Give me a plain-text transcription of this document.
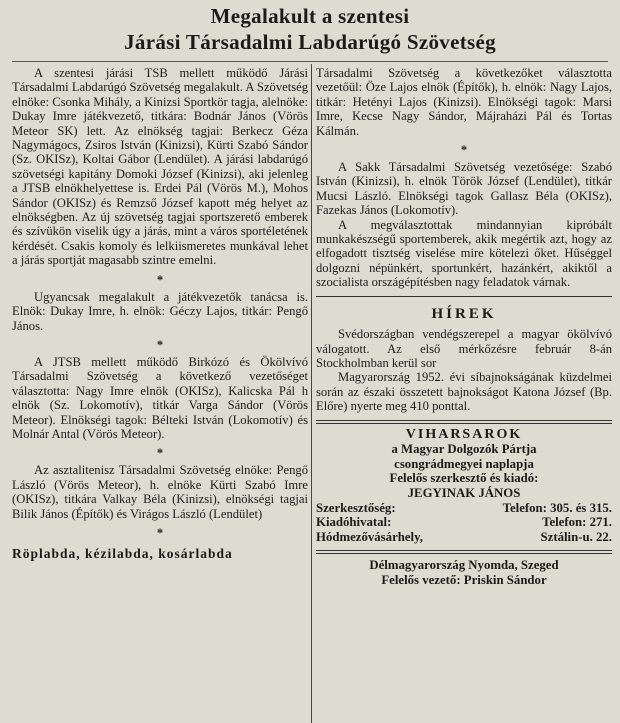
Megalakult a szentesi
Járási Társadalmi Labdarúgó Szövetség

A szentesi járási TSB mellett működő Járási Társadalmi Labdarúgó Szövetség megalakult. A Szövetség elnöke: Csonka Mihály, a Kinizsi Sportkör tagja, alelnöke: Dukay Imre játékvezető, titkára: Bodnár János (Vörös Meteor SK) lett. Az elnökség tagjai: Berkecz Géza Nagymágocs, Zsiros István (Kinizsi), Kürti Szabó Sándor (Sz. OKISz), Koltai Gábor (Lendület). A járási labdarúgó szövetségi kapitány Domoki József (Kinizsi), aki jelenleg a JTSB elnökhelyettese is. Erdei Pál (Vörös M.), Mohos Sándor (OKISz) és Remzső József kapott még helyet az elnökségben. Az új szövetség tagjai sportszerető emberek és szívükön viselik úgy a járás, mint a város sportéletének kérdését. Csakis komoly és lelkiismeretes munkával lehet a járás sportját magasabb szintre emelni.

*

Ugyancsak megalakult a játékvezetők tanácsa is. Elnök: Dukay Imre, h. elnök: Géczy Lajos, titkár: Pengő János.

*

A JTSB mellett működő Birkózó és Ökölvívó Társadalmi Szövetség a következő vezetőséget választotta: Nagy Imre elnök (OKISz), Kalicska Pál h elnök (Sz. Lokomotív), titkár Varga Sándor (Vörös Meteor). Elnökségi tagok: Bélteki István (Lokomotív) és Molnár Antal (Vörös Meteor).

*

Az asztalitenisz Társadalmi Szövetség elnöke: Pengő László (Vörös Meteor), h. elnöke Kürti Szabó Imre (OKISz), titkára Valkay Béla (Kinizsi), elnökségi tagjai Bilik János (Építők) és Virágos László (Lendület)

*
Röplabda, kézilabda, kosárlabda

Társadalmi Szövetség a következőket választotta vezetőül: Öze Lajos elnök (Építők), h. elnök: Nagy Lajos, titkár: Hetényi Lajos (Kinizsi). Elnökségi tagok: Marsi Imre, Kecse Nagy Sándor, Májraházi Pál és Tortas Kálmán.

*

A Sakk Társadalmi Szövetség vezetősége: Szabó István (Kinizsi), h. elnök Török József (Lendület), titkár Mucsi László. Elnökségi tagok Gallasz Béla (OKISz), Fazekas János (Lokomotív).

A megválasztottak mindannyian kipróbált munkakészségű sportemberek, akik megértik azt, hogy az elfogadott tisztség viselése mire kötelezi őket. Hűséggel dolgozni népünkért, sportunkért, hazánkért, akiktől a szocialista országépítésben nagy feladatok várnak.

HÍREK

Svédországban vendégszerepel a magyar ökölvívó válogatott. Az első mérkőzésre február 8-án Stockholmban kerül sor

Magyarország 1952. évi síbajnokságának küzdelmei során az északi összetett bajnokságot Katona József (Bp. Előre) nyerte meg 410 ponttal.

VIHARSAROK
a Magyar Dolgozók Pártja
csongrádmegyei naplapja
Felelős szerkesztő és kiadó:
JEGYINAK JÁNOS
Szerkesztőség:	Telefon: 305. és 315.
Kiadóhivatal:	Telefon: 271.
Hódmezővásárhely,	Sztálin-u. 22.
Délmagyarország Nyomda, Szeged
Felelős vezető: Priskin Sándor
